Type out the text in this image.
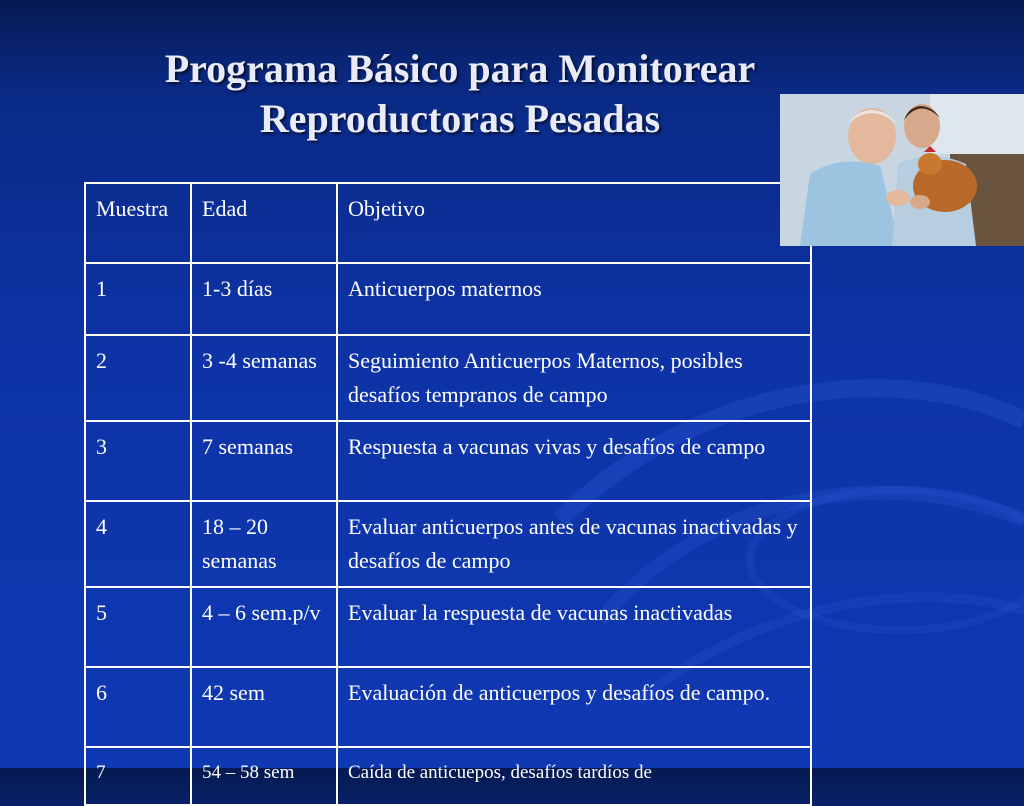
Programa Básico para Monitorear
Reproductoras Pesadas
Muestra	Edad	Objetivo
1	1-3 días	Anticuerpos maternos
2	3 -4 semanas	Seguimiento Anticuerpos Maternos, posibles desafíos tempranos de campo
3	7 semanas	Respuesta a vacunas vivas y desafíos de campo
4	18 – 20 semanas	Evaluar anticuerpos antes de vacunas inactivadas y desafíos de campo
5	4 – 6 sem.p/v	Evaluar la respuesta de vacunas inactivadas
6	42 sem	Evaluación de anticuerpos y desafíos de campo.
7	54 – 58 sem	Caída de anticuepos, desafíos tardíos de
